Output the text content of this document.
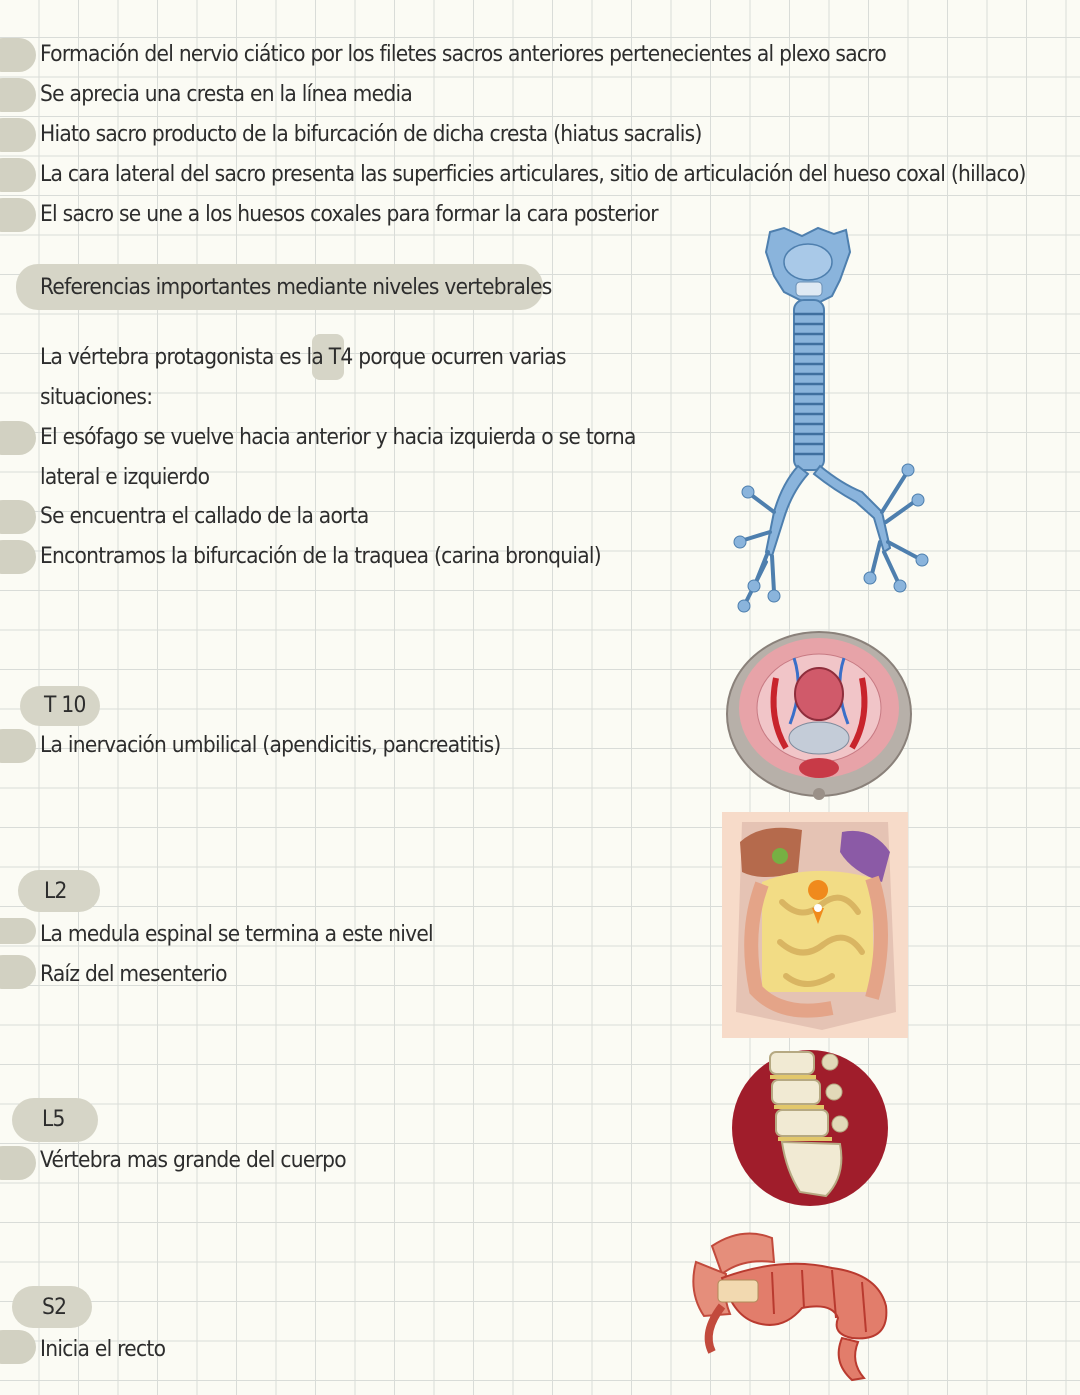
Formación del nervio ciático por los filetes sacros anteriores pertenecientes al plexo sacro
Se aprecia una cresta en la línea media
Hiato sacro producto de la bifurcación de dicha cresta (hiatus sacralis)
La cara lateral del sacro presenta las superficies articulares, sitio de articulación del hueso coxal (hillaco)
El sacro se une a los huesos coxales para formar la cara posterior
Referencias importantes mediante niveles vertebrales
La vértebra protagonista es la T4 porque ocurren varias
situaciones:
El esófago se vuelve hacia anterior y hacia izquierda o se torna
lateral e izquierdo
Se encuentra el callado de la aorta
Encontramos la bifurcación de la traquea (carina bronquial)
T 10
La inervación umbilical (apendicitis, pancreatitis)
L2
La medula espinal se termina a este nivel
Raíz del mesenterio
L5
Vértebra mas grande del cuerpo
S2
Inicia el recto
